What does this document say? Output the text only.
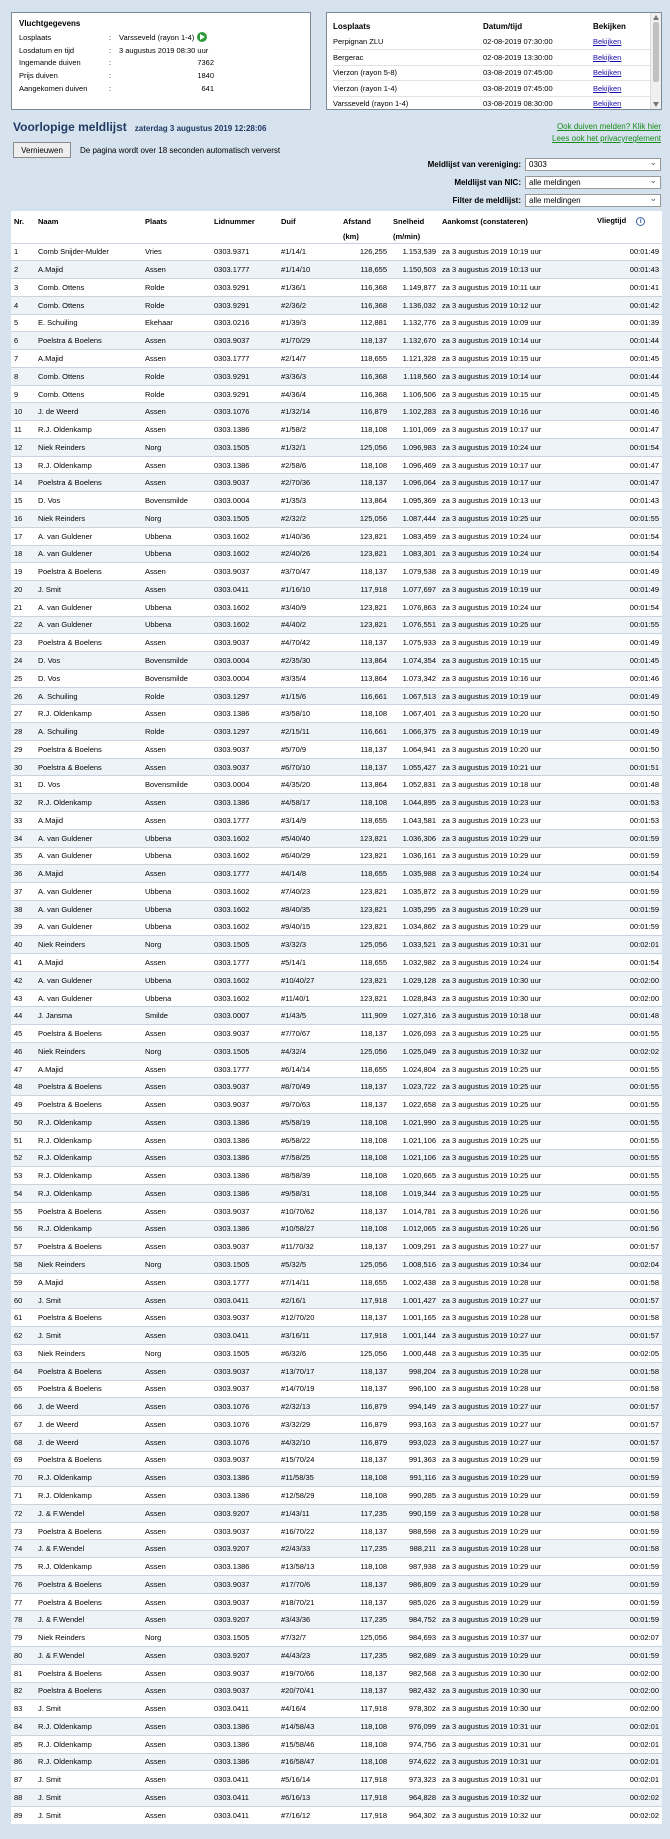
Vluchtgegevens
Losplaats	:	Varsseveld (rayon 1-4)
Losdatum en tijd	:	3 augustus 2019 08:30 uur
Ingemande duiven	:	7362
Prijs duiven	:	1840
Aangekomen duiven	:	641
Losplaats	Datum/tijd	Bekijken
Perpignan ZLU	02-08-2019 07:30:00	Bekijken
Bergerac	02-08-2019 13:30:00	Bekijken
Vierzon (rayon 5-8)	03-08-2019 07:45:00	Bekijken
Vierzon (rayon 1-4)	03-08-2019 07:45:00	Bekijken
Varsseveld (rayon 1-4)	03-08-2019 08:30:00	Bekijken
Voorlopige meldlijst zaterdag 3 augustus 2019 12:28:06	Ook duiven melden? Klik hier
Lees ook het privacyreglement
Vernieuwen	De pagina wordt over 18 seconden automatisch ververst
Meldlijst van vereniging:	0303 ⌄
Meldlijst van NIC:	alle meldingen ⌄
Filter de meldlijst:	alle meldingen ⌄
Nr.	Naam	Plaats	Lidnummer	Duif	Afstand	Snelheid	Aankomst (constateren)	Vliegtijd i
					(km)	(m/min)		
1	Comb Snijder-Mulder	Vries	0303.9371	#1/14/1	126,255	1.153,539	za 3 augustus 2019 10:19 uur	00:01:49
2	A.Majid	Assen	0303.1777	#1/14/10	118,655	1.150,503	za 3 augustus 2019 10:13 uur	00:01:43
3	Comb. Ottens	Rolde	0303.9291	#1/36/1	116,368	1.149,877	za 3 augustus 2019 10:11 uur	00:01:41
4	Comb. Ottens	Rolde	0303.9291	#2/36/2	116,368	1.136,032	za 3 augustus 2019 10:12 uur	00:01:42
5	E. Schuiling	Ekehaar	0303.0216	#1/39/3	112,881	1.132,776	za 3 augustus 2019 10:09 uur	00:01:39
6	Poelstra & Boelens	Assen	0303.9037	#1/70/29	118,137	1.132,670	za 3 augustus 2019 10:14 uur	00:01:44
7	A.Majid	Assen	0303.1777	#2/14/7	118,655	1.121,328	za 3 augustus 2019 10:15 uur	00:01:45
8	Comb. Ottens	Rolde	0303.9291	#3/36/3	116,368	1.118,560	za 3 augustus 2019 10:14 uur	00:01:44
9	Comb. Ottens	Rolde	0303.9291	#4/36/4	116,368	1.106,506	za 3 augustus 2019 10:15 uur	00:01:45
10	J. de Weerd	Assen	0303.1076	#1/32/14	116,879	1.102,283	za 3 augustus 2019 10:16 uur	00:01:46
11	R.J. Oldenkamp	Assen	0303.1386	#1/58/2	118,108	1.101,069	za 3 augustus 2019 10:17 uur	00:01:47
12	Niek Reinders	Norg	0303.1505	#1/32/1	125,056	1.096,983	za 3 augustus 2019 10:24 uur	00:01:54
13	R.J. Oldenkamp	Assen	0303.1386	#2/58/6	118,108	1.096,469	za 3 augustus 2019 10:17 uur	00:01:47
14	Poelstra & Boelens	Assen	0303.9037	#2/70/36	118,137	1.096,064	za 3 augustus 2019 10:17 uur	00:01:47
15	D. Vos	Bovensmilde	0303.0004	#1/35/3	113,864	1.095,369	za 3 augustus 2019 10:13 uur	00:01:43
16	Niek Reinders	Norg	0303.1505	#2/32/2	125,056	1.087,444	za 3 augustus 2019 10:25 uur	00:01:55
17	A. van Guldener	Ubbena	0303.1602	#1/40/36	123,821	1.083,459	za 3 augustus 2019 10:24 uur	00:01:54
18	A. van Guldener	Ubbena	0303.1602	#2/40/26	123,821	1.083,301	za 3 augustus 2019 10:24 uur	00:01:54
19	Poelstra & Boelens	Assen	0303.9037	#3/70/47	118,137	1.079,538	za 3 augustus 2019 10:19 uur	00:01:49
20	J. Smit	Assen	0303.0411	#1/16/10	117,918	1.077,697	za 3 augustus 2019 10:19 uur	00:01:49
21	A. van Guldener	Ubbena	0303.1602	#3/40/9	123,821	1.076,863	za 3 augustus 2019 10:24 uur	00:01:54
22	A. van Guldener	Ubbena	0303.1602	#4/40/2	123,821	1.076,551	za 3 augustus 2019 10:25 uur	00:01:55
23	Poelstra & Boelens	Assen	0303.9037	#4/70/42	118,137	1.075,933	za 3 augustus 2019 10:19 uur	00:01:49
24	D. Vos	Bovensmilde	0303.0004	#2/35/30	113,864	1.074,354	za 3 augustus 2019 10:15 uur	00:01:45
25	D. Vos	Bovensmilde	0303.0004	#3/35/4	113,864	1.073,342	za 3 augustus 2019 10:16 uur	00:01:46
26	A. Schuiling	Rolde	0303.1297	#1/15/6	116,661	1.067,513	za 3 augustus 2019 10:19 uur	00:01:49
27	R.J. Oldenkamp	Assen	0303.1386	#3/58/10	118,108	1.067,401	za 3 augustus 2019 10:20 uur	00:01:50
28	A. Schuiling	Rolde	0303.1297	#2/15/11	116,661	1.066,375	za 3 augustus 2019 10:19 uur	00:01:49
29	Poelstra & Boelens	Assen	0303.9037	#5/70/9	118,137	1.064,941	za 3 augustus 2019 10:20 uur	00:01:50
30	Poelstra & Boelens	Assen	0303.9037	#6/70/10	118,137	1.055,427	za 3 augustus 2019 10:21 uur	00:01:51
31	D. Vos	Bovensmilde	0303.0004	#4/35/20	113,864	1.052,831	za 3 augustus 2019 10:18 uur	00:01:48
32	R.J. Oldenkamp	Assen	0303.1386	#4/58/17	118,108	1.044,895	za 3 augustus 2019 10:23 uur	00:01:53
33	A.Majid	Assen	0303.1777	#3/14/9	118,655	1.043,581	za 3 augustus 2019 10:23 uur	00:01:53
34	A. van Guldener	Ubbena	0303.1602	#5/40/40	123,821	1.036,306	za 3 augustus 2019 10:29 uur	00:01:59
35	A. van Guldener	Ubbena	0303.1602	#6/40/29	123,821	1.036,161	za 3 augustus 2019 10:29 uur	00:01:59
36	A.Majid	Assen	0303.1777	#4/14/8	118,655	1.035,988	za 3 augustus 2019 10:24 uur	00:01:54
37	A. van Guldener	Ubbena	0303.1602	#7/40/23	123,821	1.035,872	za 3 augustus 2019 10:29 uur	00:01:59
38	A. van Guldener	Ubbena	0303.1602	#8/40/35	123,821	1.035,295	za 3 augustus 2019 10:29 uur	00:01:59
39	A. van Guldener	Ubbena	0303.1602	#9/40/15	123,821	1.034,862	za 3 augustus 2019 10:29 uur	00:01:59
40	Niek Reinders	Norg	0303.1505	#3/32/3	125,056	1.033,521	za 3 augustus 2019 10:31 uur	00:02:01
41	A.Majid	Assen	0303.1777	#5/14/1	118,655	1.032,982	za 3 augustus 2019 10:24 uur	00:01:54
42	A. van Guldener	Ubbena	0303.1602	#10/40/27	123,821	1.029,128	za 3 augustus 2019 10:30 uur	00:02:00
43	A. van Guldener	Ubbena	0303.1602	#11/40/1	123,821	1.028,843	za 3 augustus 2019 10:30 uur	00:02:00
44	J. Jansma	Smilde	0303.0007	#1/43/5	111,909	1.027,316	za 3 augustus 2019 10:18 uur	00:01:48
45	Poelstra & Boelens	Assen	0303.9037	#7/70/67	118,137	1.026,093	za 3 augustus 2019 10:25 uur	00:01:55
46	Niek Reinders	Norg	0303.1505	#4/32/4	125,056	1.025,049	za 3 augustus 2019 10:32 uur	00:02:02
47	A.Majid	Assen	0303.1777	#6/14/14	118,655	1.024,804	za 3 augustus 2019 10:25 uur	00:01:55
48	Poelstra & Boelens	Assen	0303.9037	#8/70/49	118,137	1.023,722	za 3 augustus 2019 10:25 uur	00:01:55
49	Poelstra & Boelens	Assen	0303.9037	#9/70/63	118,137	1.022,658	za 3 augustus 2019 10:25 uur	00:01:55
50	R.J. Oldenkamp	Assen	0303.1386	#5/58/19	118,108	1.021,990	za 3 augustus 2019 10:25 uur	00:01:55
51	R.J. Oldenkamp	Assen	0303.1386	#6/58/22	118,108	1.021,106	za 3 augustus 2019 10:25 uur	00:01:55
52	R.J. Oldenkamp	Assen	0303.1386	#7/58/25	118,108	1.021,106	za 3 augustus 2019 10:25 uur	00:01:55
53	R.J. Oldenkamp	Assen	0303.1386	#8/58/39	118,108	1.020,665	za 3 augustus 2019 10:25 uur	00:01:55
54	R.J. Oldenkamp	Assen	0303.1386	#9/58/31	118,108	1.019,344	za 3 augustus 2019 10:25 uur	00:01:55
55	Poelstra & Boelens	Assen	0303.9037	#10/70/62	118,137	1.014,781	za 3 augustus 2019 10:26 uur	00:01:56
56	R.J. Oldenkamp	Assen	0303.1386	#10/58/27	118,108	1.012,065	za 3 augustus 2019 10:26 uur	00:01:56
57	Poelstra & Boelens	Assen	0303.9037	#11/70/32	118,137	1.009,291	za 3 augustus 2019 10:27 uur	00:01:57
58	Niek Reinders	Norg	0303.1505	#5/32/5	125,056	1.008,516	za 3 augustus 2019 10:34 uur	00:02:04
59	A.Majid	Assen	0303.1777	#7/14/11	118,655	1.002,438	za 3 augustus 2019 10:28 uur	00:01:58
60	J. Smit	Assen	0303.0411	#2/16/1	117,918	1.001,427	za 3 augustus 2019 10:27 uur	00:01:57
61	Poelstra & Boelens	Assen	0303.9037	#12/70/20	118,137	1.001,165	za 3 augustus 2019 10:28 uur	00:01:58
62	J. Smit	Assen	0303.0411	#3/16/11	117,918	1.001,144	za 3 augustus 2019 10:27 uur	00:01:57
63	Niek Reinders	Norg	0303.1505	#6/32/6	125,056	1.000,448	za 3 augustus 2019 10:35 uur	00:02:05
64	Poelstra & Boelens	Assen	0303.9037	#13/70/17	118,137	998,204	za 3 augustus 2019 10:28 uur	00:01:58
65	Poelstra & Boelens	Assen	0303.9037	#14/70/19	118,137	996,100	za 3 augustus 2019 10:28 uur	00:01:58
66	J. de Weerd	Assen	0303.1076	#2/32/13	116,879	994,149	za 3 augustus 2019 10:27 uur	00:01:57
67	J. de Weerd	Assen	0303.1076	#3/32/29	116,879	993,163	za 3 augustus 2019 10:27 uur	00:01:57
68	J. de Weerd	Assen	0303.1076	#4/32/10	116,879	993,023	za 3 augustus 2019 10:27 uur	00:01:57
69	Poelstra & Boelens	Assen	0303.9037	#15/70/24	118,137	991,363	za 3 augustus 2019 10:29 uur	00:01:59
70	R.J. Oldenkamp	Assen	0303.1386	#11/58/35	118,108	991,116	za 3 augustus 2019 10:29 uur	00:01:59
71	R.J. Oldenkamp	Assen	0303.1386	#12/58/29	118,108	990,285	za 3 augustus 2019 10:29 uur	00:01:59
72	J. & F.Wendel	Assen	0303.9207	#1/43/11	117,235	990,159	za 3 augustus 2019 10:28 uur	00:01:58
73	Poelstra & Boelens	Assen	0303.9037	#16/70/22	118,137	988,598	za 3 augustus 2019 10:29 uur	00:01:59
74	J. & F.Wendel	Assen	0303.9207	#2/43/33	117,235	988,211	za 3 augustus 2019 10:28 uur	00:01:58
75	R.J. Oldenkamp	Assen	0303.1386	#13/58/13	118,108	987,938	za 3 augustus 2019 10:29 uur	00:01:59
76	Poelstra & Boelens	Assen	0303.9037	#17/70/6	118,137	986,809	za 3 augustus 2019 10:29 uur	00:01:59
77	Poelstra & Boelens	Assen	0303.9037	#18/70/21	118,137	985,026	za 3 augustus 2019 10:29 uur	00:01:59
78	J. & F.Wendel	Assen	0303.9207	#3/43/36	117,235	984,752	za 3 augustus 2019 10:29 uur	00:01:59
79	Niek Reinders	Norg	0303.1505	#7/32/7	125,056	984,693	za 3 augustus 2019 10:37 uur	00:02:07
80	J. & F.Wendel	Assen	0303.9207	#4/43/23	117,235	982,689	za 3 augustus 2019 10:29 uur	00:01:59
81	Poelstra & Boelens	Assen	0303.9037	#19/70/66	118,137	982,568	za 3 augustus 2019 10:30 uur	00:02:00
82	Poelstra & Boelens	Assen	0303.9037	#20/70/41	118,137	982,432	za 3 augustus 2019 10:30 uur	00:02:00
83	J. Smit	Assen	0303.0411	#4/16/4	117,918	978,302	za 3 augustus 2019 10:30 uur	00:02:00
84	R.J. Oldenkamp	Assen	0303.1386	#14/58/43	118,108	976,099	za 3 augustus 2019 10:31 uur	00:02:01
85	R.J. Oldenkamp	Assen	0303.1386	#15/58/46	118,108	974,756	za 3 augustus 2019 10:31 uur	00:02:01
86	R.J. Oldenkamp	Assen	0303.1386	#16/58/47	118,108	974,622	za 3 augustus 2019 10:31 uur	00:02:01
87	J. Smit	Assen	0303.0411	#5/16/14	117,918	973,323	za 3 augustus 2019 10:31 uur	00:02:01
88	J. Smit	Assen	0303.0411	#6/16/13	117,918	964,828	za 3 augustus 2019 10:32 uur	00:02:02
89	J. Smit	Assen	0303.0411	#7/16/12	117,918	964,302	za 3 augustus 2019 10:32 uur	00:02:02
